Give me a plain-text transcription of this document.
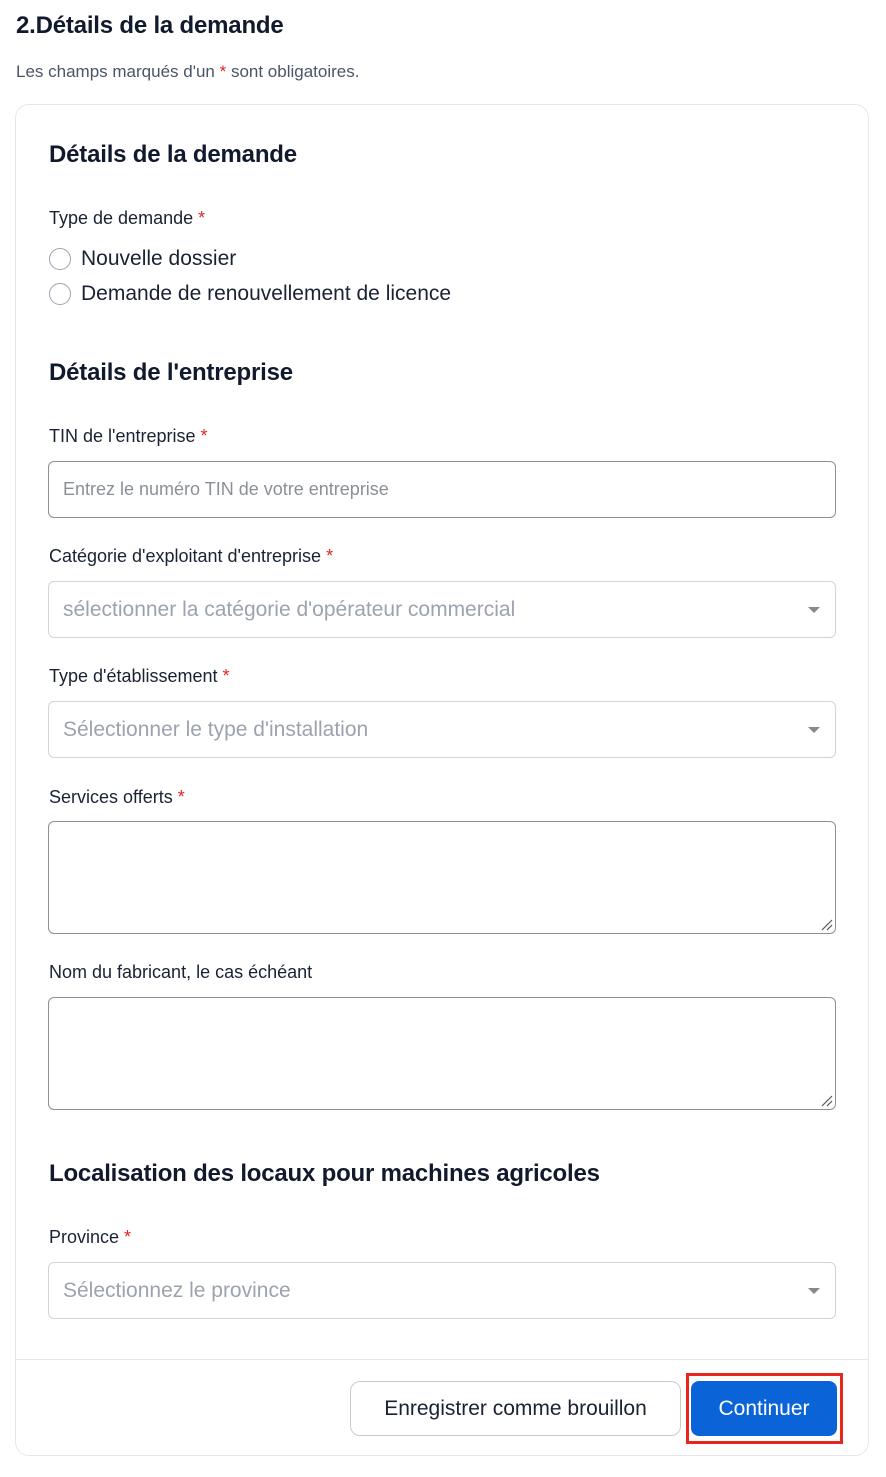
2.Détails de la demande
Les champs marqués d'un * sont obligatoires.
Détails de la demande
Type de demande *
Nouvelle dossier
Demande de renouvellement de licence
Détails de l'entreprise
TIN de l'entreprise *
Entrez le numéro TIN de votre entreprise
Catégorie d'exploitant d'entreprise *
sélectionner la catégorie d'opérateur commercial
Type d'établissement *
Sélectionner le type d'installation
Services offerts *
Nom du fabricant, le cas échéant
Localisation des locaux pour machines agricoles
Province *
Sélectionnez le province
Enregistrer comme brouillon	Continuer
